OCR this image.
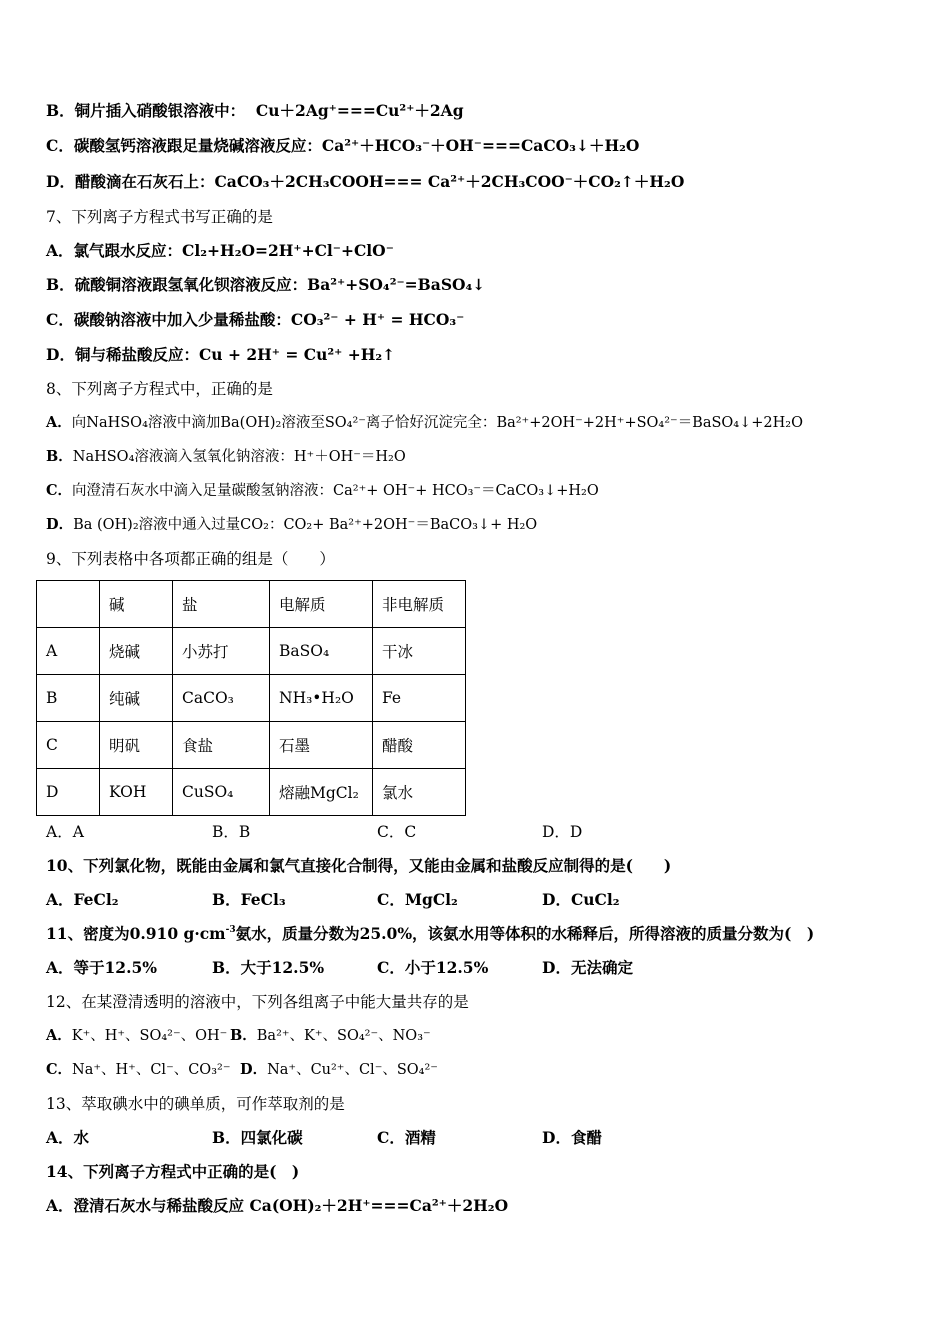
B．铜片插入硝酸银溶液中： Cu＋2Ag⁺===Cu²⁺＋2Ag
C．碳酸氢钙溶液跟足量烧碱溶液反应：Ca²⁺＋HCO₃⁻＋OH⁻===CaCO₃↓＋H₂O
D．醋酸滴在石灰石上：CaCO₃＋2CH₃COOH=== Ca²⁺＋2CH₃COO⁻＋CO₂↑＋H₂O
7、下列离子方程式书写正确的是
A．氯气跟水反应：Cl₂+H₂O=2H⁺+Cl⁻+ClO⁻
B．硫酸铜溶液跟氢氧化钡溶液反应：Ba²⁺+SO₄²⁻=BaSO₄↓
C．碳酸钠溶液中加入少量稀盐酸：CO₃²⁻ + H⁺ = HCO₃⁻
D．铜与稀盐酸反应：Cu + 2H⁺ = Cu²⁺ +H₂↑
8、下列离子方程式中，正确的是
A．向NaHSO₄溶液中滴加Ba(OH)₂溶液至SO₄²⁻离子恰好沉淀完全：Ba²⁺+2OH⁻+2H⁺+SO₄²⁻＝BaSO₄↓+2H₂O
B．NaHSO₄溶液滴入氢氧化钠溶液：H⁺＋OH⁻＝H₂O
C．向澄清石灰水中滴入足量碳酸氢钠溶液：Ca²⁺+ OH⁻+ HCO₃⁻＝CaCO₃↓+H₂O
D．Ba (OH)₂溶液中通入过量CO₂：CO₂+ Ba²⁺+2OH⁻＝BaCO₃↓+ H₂O
9、下列表格中各项都正确的组是（　　）
	碱	盐	电解质	非电解质
A	烧碱	小苏打	BaSO₄	干冰
B	纯碱	CaCO₃	NH₃•H₂O	Fe
C	明矾	食盐	石墨	醋酸
D	KOH	CuSO₄	熔融MgCl₂	氯水
A．A	B．B	C．C	D．D
10、下列氯化物，既能由金属和氯气直接化合制得，又能由金属和盐酸反应制得的是(　　)
A．FeCl₂	B．FeCl₃	C．MgCl₂	D．CuCl₂
11、密度为0.910 $g\cdot cm^{-3}$氨水，质量分数为25.0%，该氨水用等体积的水稀释后，所得溶液的质量分数为(　)
A．等于12.5%	B．大于12.5%	C．小于12.5%	D．无法确定
12、在某澄清透明的溶液中，下列各组离子中能大量共存的是
A．K⁺、H⁺、SO₄²⁻、OH⁻ B．Ba²⁺、K⁺、SO₄²⁻、NO₃⁻
C．Na⁺、H⁺、Cl⁻、CO₃²⁻ D．Na⁺、Cu²⁺、Cl⁻、SO₄²⁻
13、萃取碘水中的碘单质，可作萃取剂的是
A．水	B．四氯化碳	C．酒精	D．食醋
14、下列离子方程式中正确的是(　)
A．澄清石灰水与稀盐酸反应 Ca(OH)₂＋2H⁺===Ca²⁺＋2H₂O
